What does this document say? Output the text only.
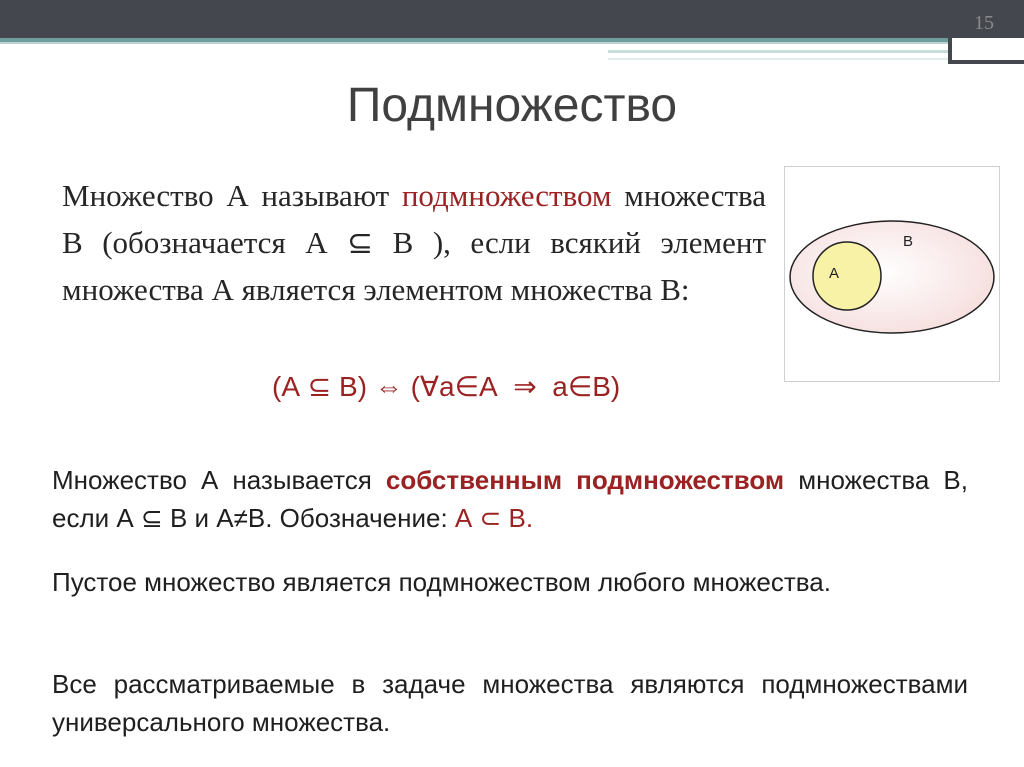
15
Подмножество

Множество А называют подмножеством множества В (обозначается А ⊆ В ), если всякий элемент множества А является элементом множества В:

(А ⊆ В) ⇔ (∀a∈А  ⇒  a∈В)

B
A

Множество А называется собственным подмножеством множества В, если А ⊆ В и А≠В. Обозначение: А ⊂ В.

Пустое множество является подмножеством любого множества.

Все рассматриваемые в задаче множества являются подмножествами универсального множества.
